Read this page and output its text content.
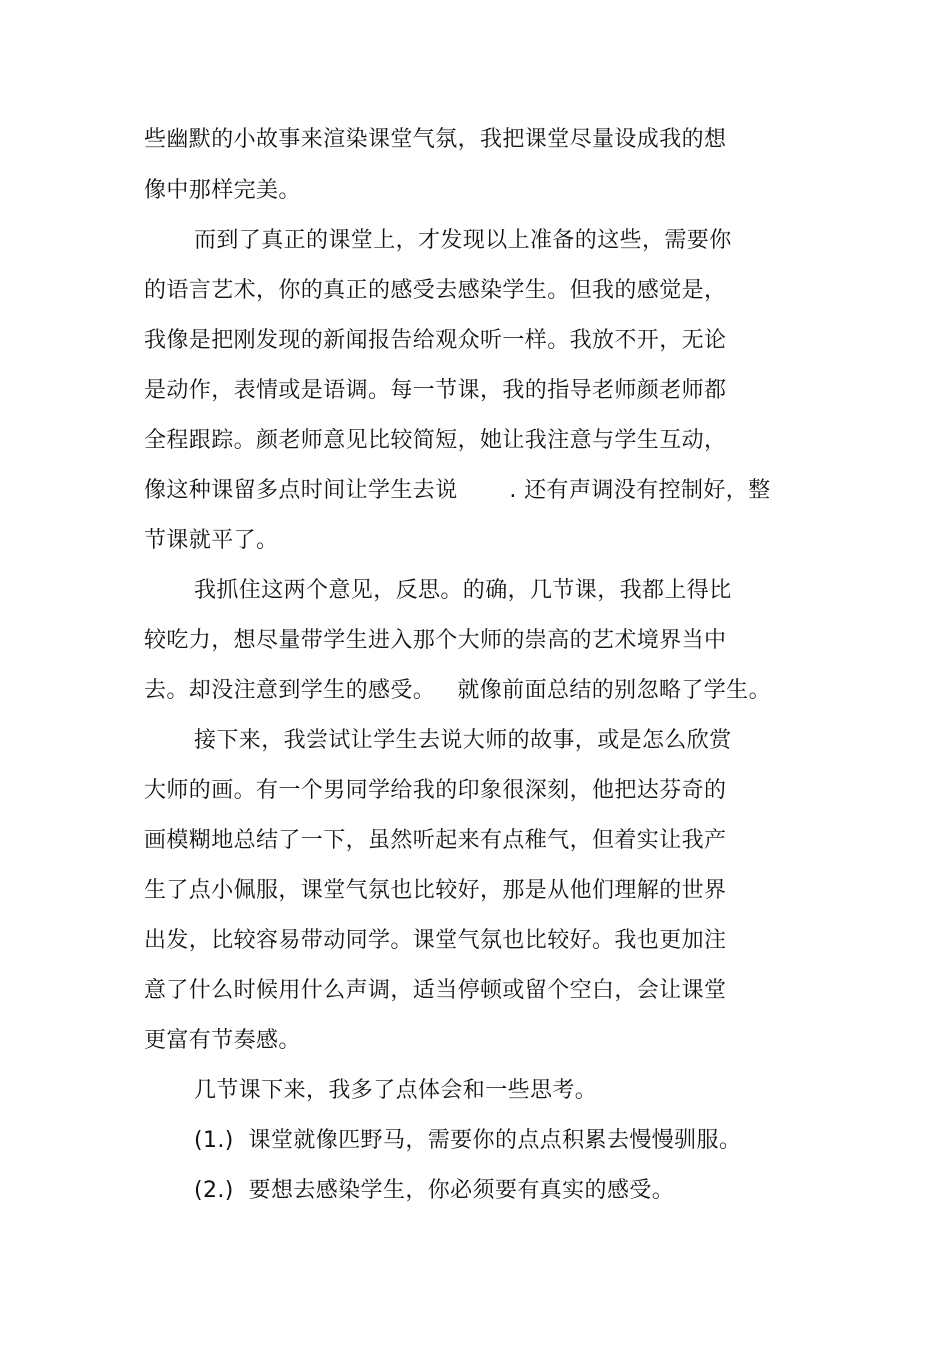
些幽默的小故事来渲染课堂气氛，我把课堂尽量设成我的想
像中那样完美。
而到了真正的课堂上，才发现以上准备的这些，需要你
的语言艺术，你的真正的感受去感染学生。但我的感觉是，
我像是把刚发现的新闻报告给观众听一样。我放不开，无论
是动作，表情或是语调。每一节课，我的指导老师颜老师都
全程跟踪。颜老师意见比较简短，她让我注意与学生互动，
像这种课留多点时间让学生去说       . 还有声调没有控制好，整
节课就平了。
我抓住这两个意见，反思。的确，几节课，我都上得比
较吃力，想尽量带学生进入那个大师的崇高的艺术境界当中
去。却没注意到学生的感受。   就像前面总结的别忽略了学生。
接下来，我尝试让学生去说大师的故事，或是怎么欣赏
大师的画。有一个男同学给我的印象很深刻，他把达芬奇的
画模糊地总结了一下，虽然听起来有点稚气，但着实让我产
生了点小佩服，课堂气氛也比较好，那是从他们理解的世界
出发，比较容易带动同学。课堂气氛也比较好。我也更加注
意了什么时候用什么声调，适当停顿或留个空白，会让课堂
更富有节奏感。
几节课下来，我多了点体会和一些思考。
(1.)  课堂就像匹野马，需要你的点点积累去慢慢驯服。
(2.)  要想去感染学生，你必须要有真实的感受。
